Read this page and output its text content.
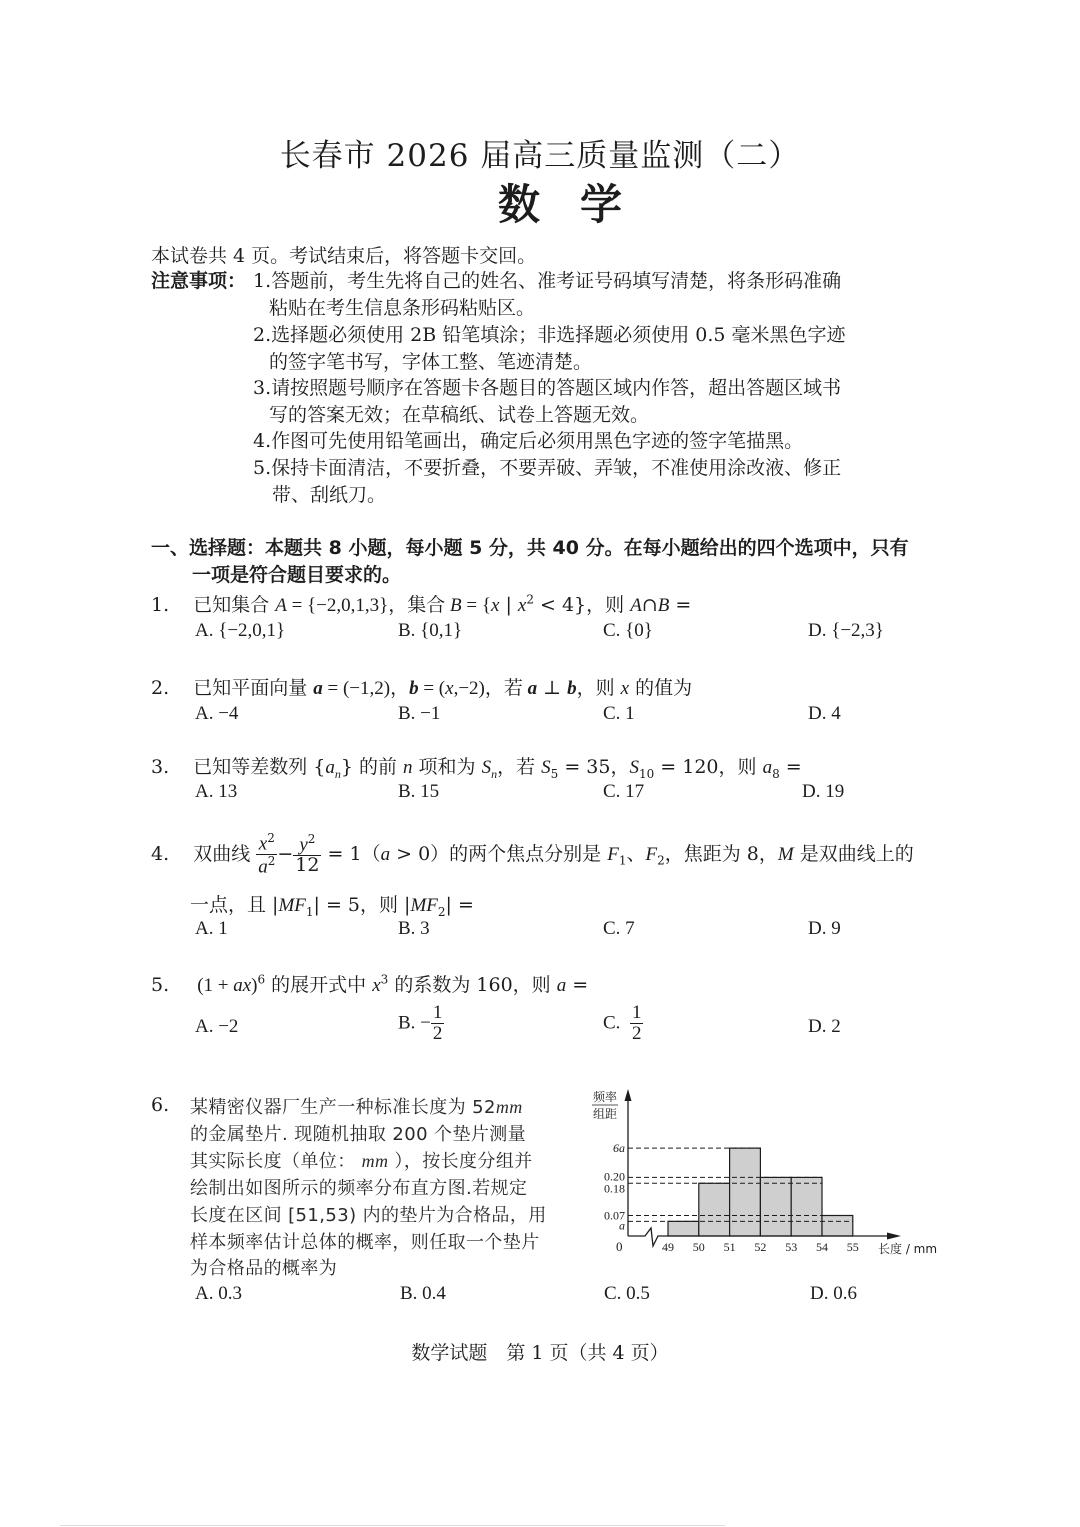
长春市 2026 届高三质量监测（二）
数学
本试卷共 4 页。考试结束后，将答题卡交回。
注意事项： 1.答题前，考生先将自己的姓名、准考证号码填写清楚，将条形码准确
粘贴在考生信息条形码粘贴区。
2.选择题必须使用 2B 铅笔填涂；非选择题必须使用 0.5 毫米黑色字迹
的签字笔书写，字体工整、笔迹清楚。
3.请按照题号顺序在答题卡各题目的答题区域内作答，超出答题区域书
写的答案无效；在草稿纸、试卷上答题无效。
4.作图可先使用铅笔画出，确定后必须用黑色字迹的签字笔描黑。
5.保持卡面清洁，不要折叠，不要弄破、弄皱，不准使用涂改液、修正
带、刮纸刀。
一、选择题：本题共 8 小题，每小题 5 分，共 40 分。在每小题给出的四个选项中，只有
一项是符合题目要求的。
1. 已知集合 A = {−2,0,1,3}，集合 B = {x | $x^2 < 4$}，则 A∩B =
A. {−2,0,1}	B. {0,1}	C. {0}	D. {−2,3}
2. 已知平面向量 a = (−1,2)，b = (x,−2)，若 a ⊥ b，则 x 的值为
A. −4	B. −1	C. 1	D. 4
3. 已知等差数列 $\{a_n\}$ 的前 n 项和为 $S_n$，若 $S_5 = 35$，$S_{10} = 120$，则 $a_8$ =
A. 13	B. 15	C. 17	D. 19
4. 双曲线 $\frac{x^2}{a^2} - \frac{y^2}{12} = 1(a > 0)$的两个焦点分别是 $F_1$、$F_2$，焦距为 8，M 是双曲线上的
一点，且 $|MF_1| = 5$，则 $|MF_2|$ =
A. 1	B. 3	C. 7	D. 9
5. (1 + ax)$^6$ 的展开式中 $x^3$ 的系数为 160，则 a =
A. −2	B. − $\frac{1}{2}$	C. $\frac{1}{2}$	D. 2
6. 某精密仪器厂生产一种标准长度为 52mm
的金属垫片. 现随机抽取 200 个垫片测量
其实际长度（单位： mm ），按长度分组并
绘制出如图所示的频率分布直方图.若规定
长度在区间 [51,53) 内的垫片为合格品，用
样本频率估计总体的概率，则任取一个垫片
为合格品的概率为
频率
组距
0	长度 / mm
49 50 51 52 53 54 55
6a
0.20
0.18
0.07
a
A. 0.3	B. 0.4	C. 0.5	D. 0.6
数学试题　第 1 页（共 4 页）
